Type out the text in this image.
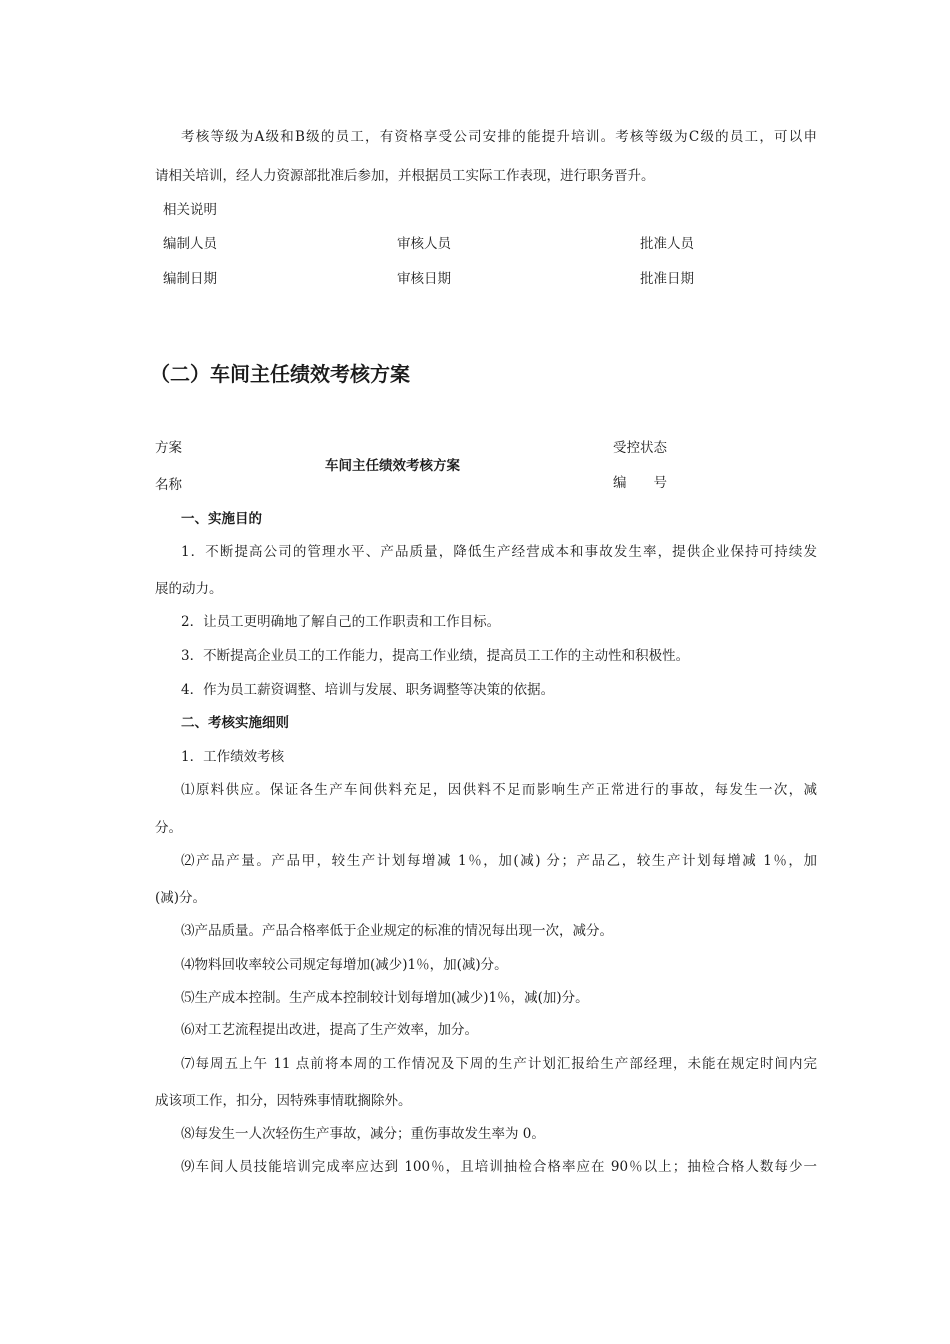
考核等级为A级和B级的员工，有资格享受公司安排的能提升培训。考核等级为C级的员工，可以申
请相关培训，经人力资源部批准后参加，并根据员工实际工作表现，进行职务晋升。
相关说明
编制人员	审核人员	批准人员
编制日期	审核日期	批准日期
（二）车间主任绩效考核方案
方案
名称
车间主任绩效考核方案
受控状态
编　　号
一、实施目的
1．不断提高公司的管理水平、产品质量，降低生产经营成本和事故发生率，提供企业保持可持续发
展的动力。
2．让员工更明确地了解自己的工作职责和工作目标。
3．不断提高企业员工的工作能力，提高工作业绩，提高员工工作的主动性和积极性。
4．作为员工薪资调整、培训与发展、职务调整等决策的依据。
二、考核实施细则
1．工作绩效考核
⑴原料供应。保证各生产车间供料充足，因供料不足而影响生产正常进行的事故，每发生一次，减
分。
⑵产品产量。产品甲，较生产计划每增减 1％，加(减) 分；产品乙，较生产计划每增减 1％，加
(减)分。
⑶产品质量。产品合格率低于企业规定的标准的情况每出现一次，减分。
⑷物料回收率较公司规定每增加(减少)1％，加(减)分。
⑸生产成本控制。生产成本控制较计划每增加(减少)1％，减(加)分。
⑹对工艺流程提出改进，提高了生产效率，加分。
⑺每周五上午 11 点前将本周的工作情况及下周的生产计划汇报给生产部经理，未能在规定时间内完
成该项工作，扣分，因特殊事情耽搁除外。
⑻每发生一人次轻伤生产事故，减分；重伤事故发生率为 0。
⑼车间人员技能培训完成率应达到 100％，且培训抽检合格率应在 90％以上；抽检合格人数每少一
